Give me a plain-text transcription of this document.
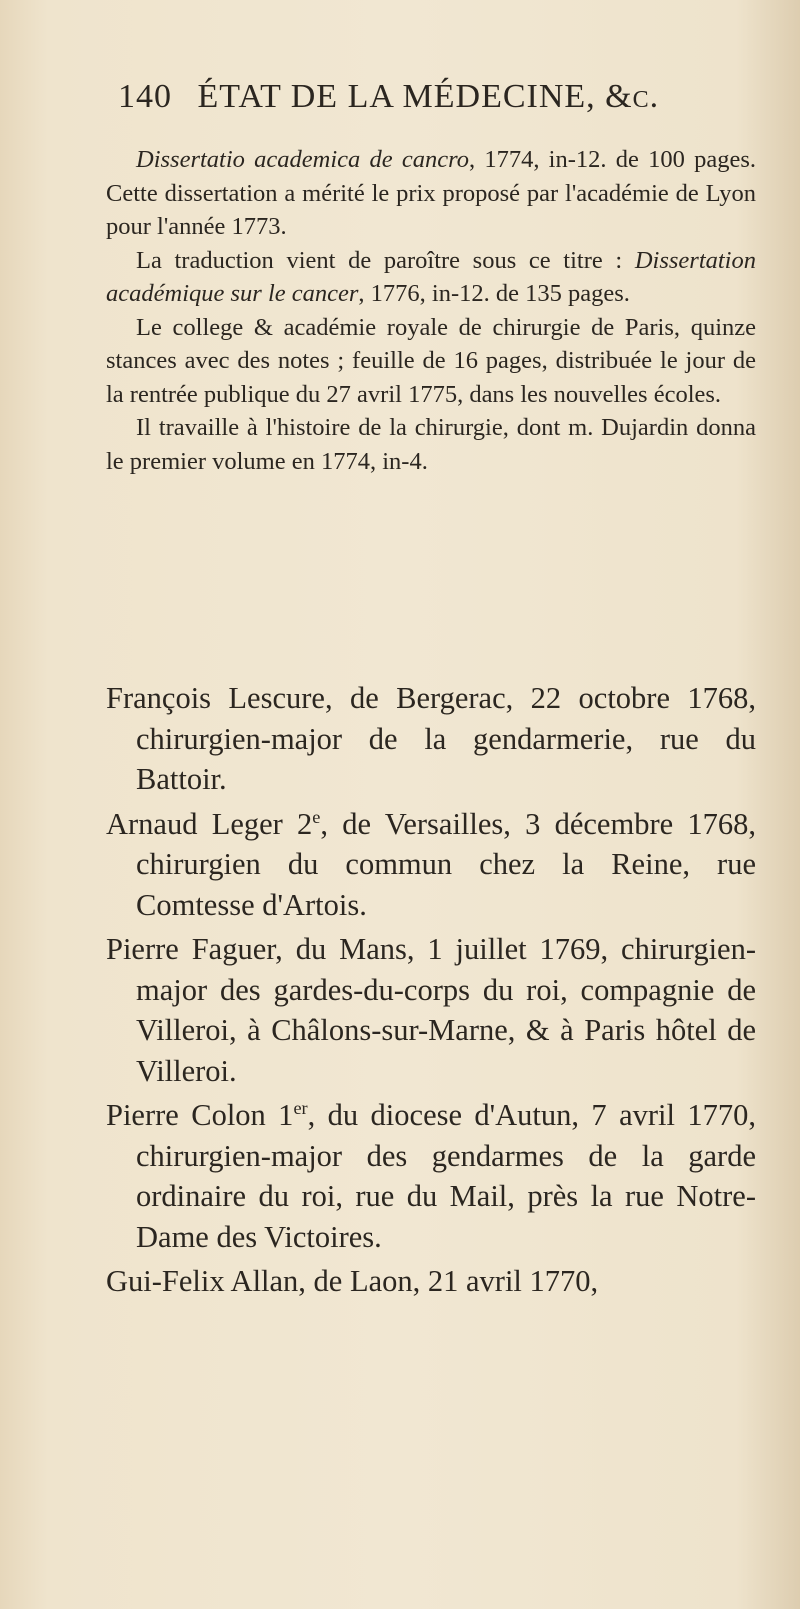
140 ÉTAT DE LA MÉDECINE, &c.

Dissertatio academica de cancro, 1774, in-12. de 100 pages. Cette dissertation a mérité le prix proposé par l'académie de Lyon pour l'année 1773.

La traduction vient de paroître sous ce titre : Dissertation académique sur le cancer, 1776, in-12. de 135 pages.

Le college & académie royale de chirurgie de Paris, quinze stances avec des notes ; feuille de 16 pages, distribuée le jour de la rentrée publique du 27 avril 1775, dans les nouvelles écoles.

Il travaille à l'histoire de la chirurgie, dont m. Dujardin donna le premier volume en 1774, in-4.

François Lescure, de Bergerac, 22 octobre 1768, chirurgien-major de la gendarmerie, rue du Battoir.

Arnaud Leger 2e, de Versailles, 3 décembre 1768, chirurgien du commun chez la Reine, rue Comtesse d'Artois.

Pierre Faguer, du Mans, 1 juillet 1769, chirurgien-major des gardes-du-corps du roi, compagnie de Villeroi, à Châlons-sur-Marne, & à Paris hôtel de Villeroi.

Pierre Colon 1er, du diocese d'Autun, 7 avril 1770, chirurgien-major des gendarmes de la garde ordinaire du roi, rue du Mail, près la rue Notre-Dame des Victoires.

Gui-Felix Allan, de Laon, 21 avril 1770,
